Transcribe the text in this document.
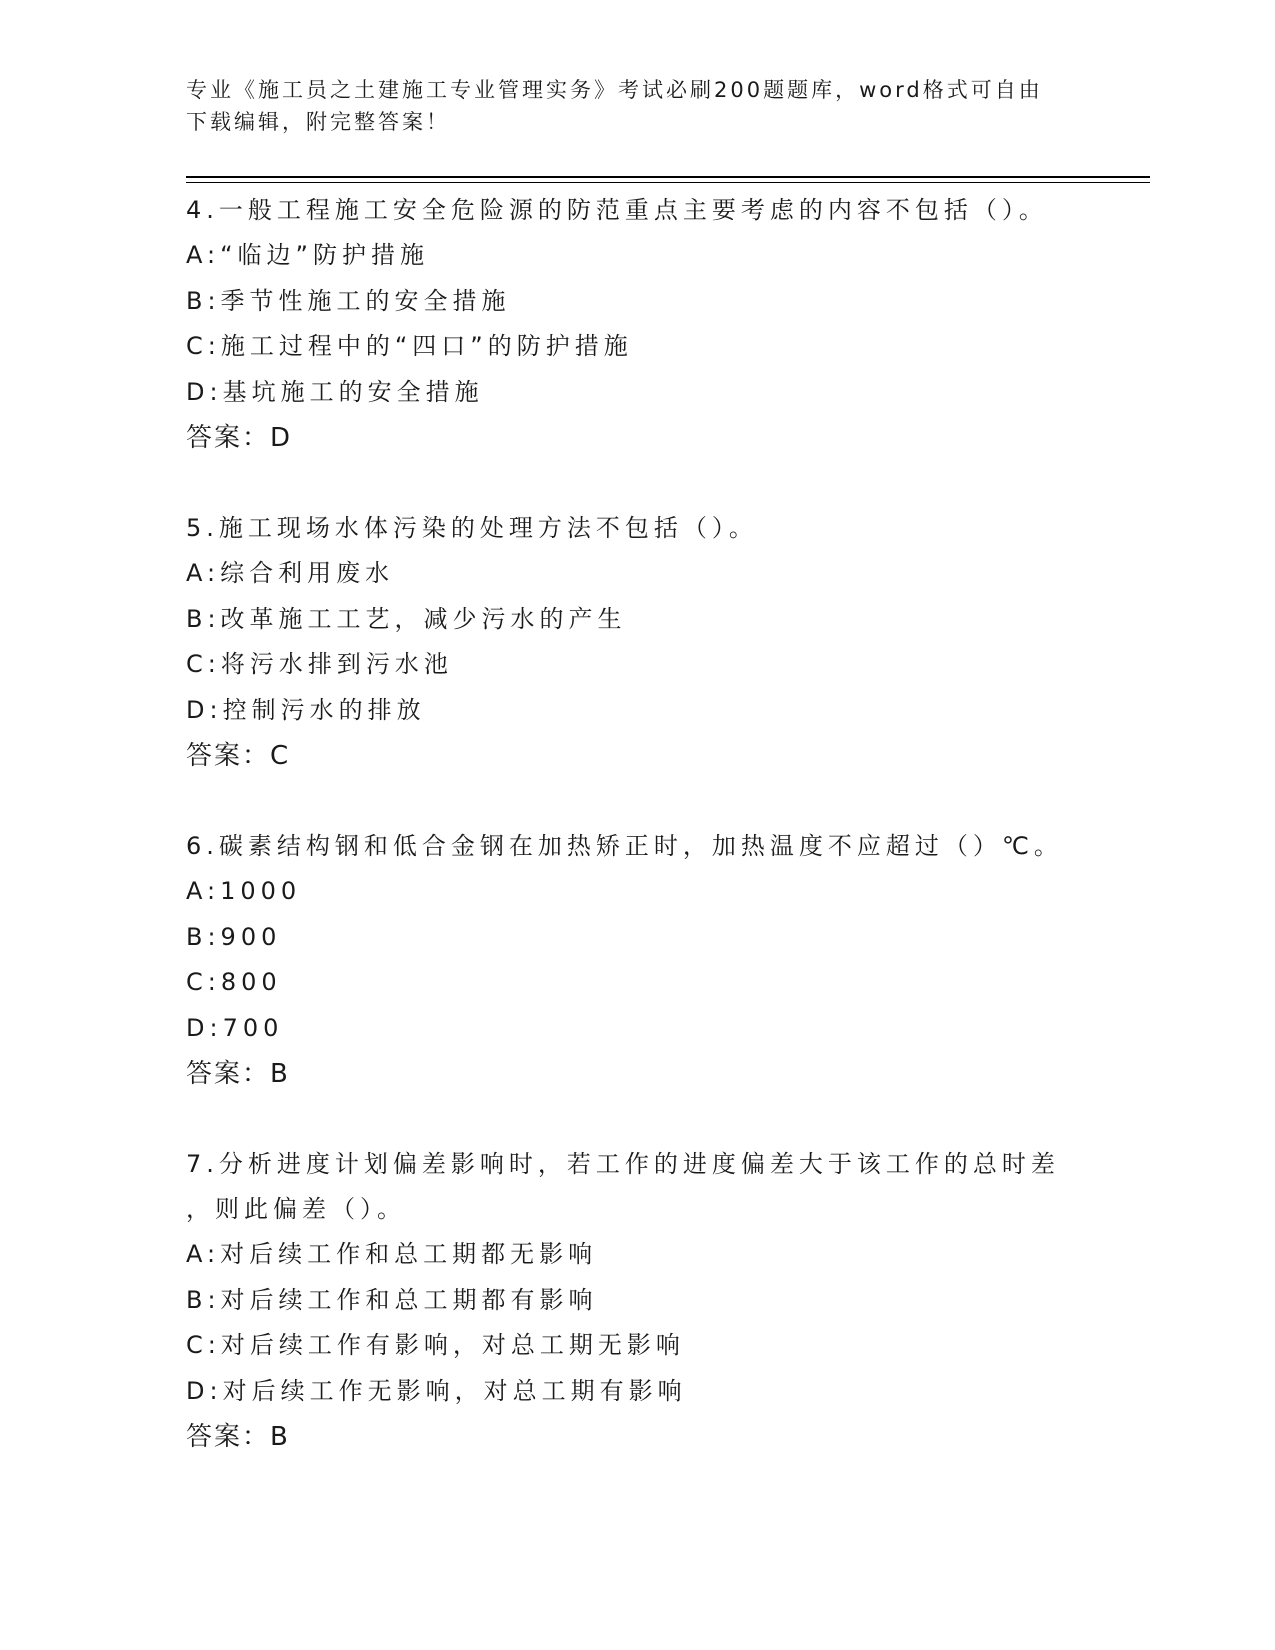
专业《施工员之土建施工专业管理实务》考试必刷200题题库，word格式可自由
下载编辑，附完整答案！
4.一般工程施工安全危险源的防范重点主要考虑的内容不包括（）。
A:“临边”防护措施
B:季节性施工的安全措施
C:施工过程中的“四口”的防护措施
D:基坑施工的安全措施
答案：D
5.施工现场水体污染的处理方法不包括（）。
A:综合利用废水
B:改革施工工艺，减少污水的产生
C:将污水排到污水池
D:控制污水的排放
答案：C
6.碳素结构钢和低合金钢在加热矫正时，加热温度不应超过（）℃。
A:1000
B:900
C:800
D:700
答案：B
7.分析进度计划偏差影响时，若工作的进度偏差大于该工作的总时差
，则此偏差（）。
A:对后续工作和总工期都无影响
B:对后续工作和总工期都有影响
C:对后续工作有影响，对总工期无影响
D:对后续工作无影响，对总工期有影响
答案：B
